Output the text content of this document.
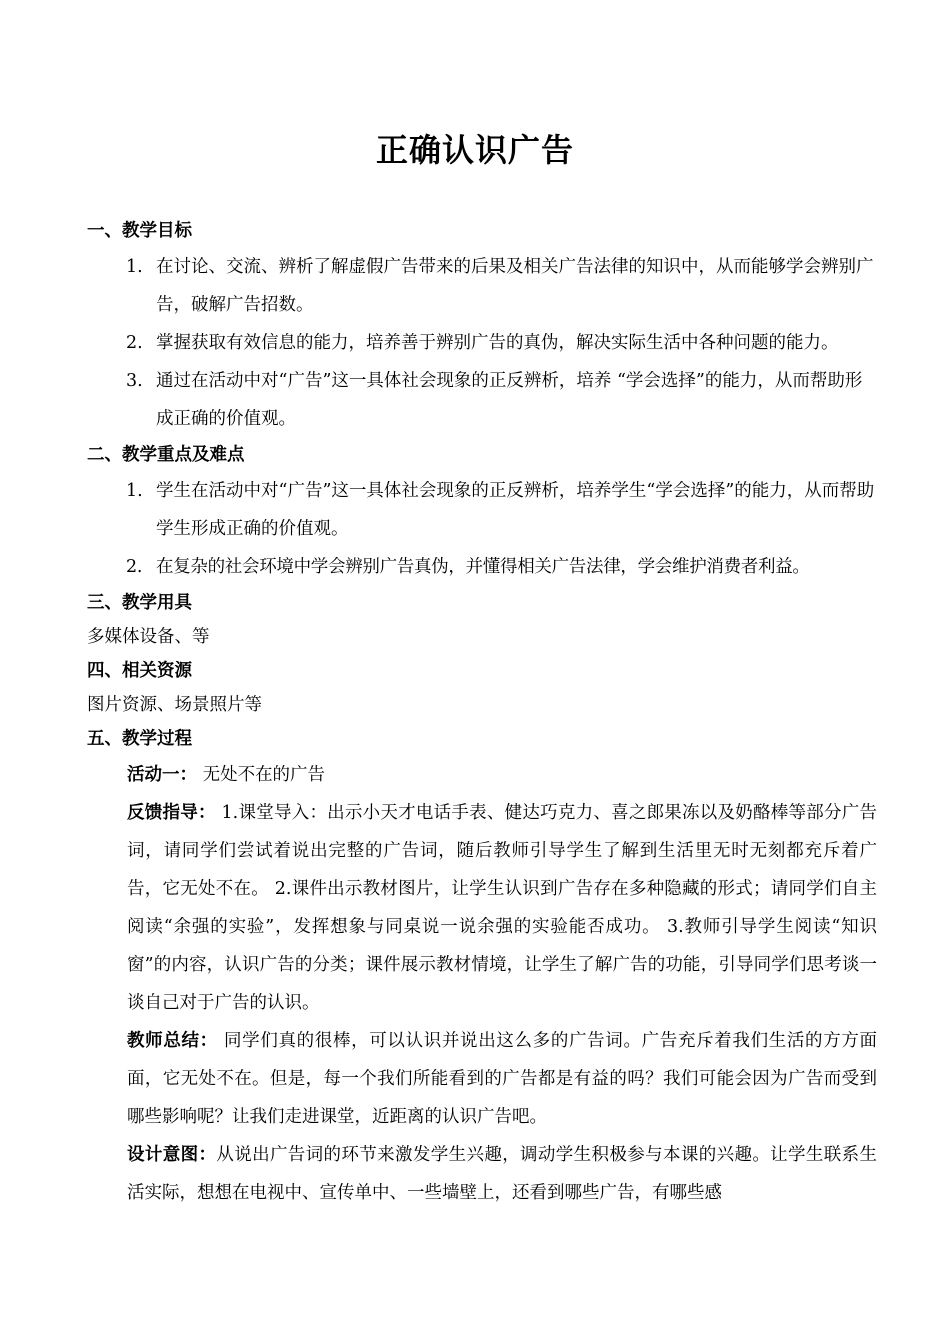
正确认识广告
一、教学目标
1. 在讨论、交流、辨析了解虚假广告带来的后果及相关广告法律的知识中，从而能够学会辨别广告，破解广告招数。
2. 掌握获取有效信息的能力，培养善于辨别广告的真伪，解决实际生活中各种问题的能力。
3. 通过在活动中对“广告”这一具体社会现象的正反辨析，培养 “学会选择”的能力，从而帮助形成正确的价值观。
二、教学重点及难点
1. 学生在活动中对“广告”这一具体社会现象的正反辨析，培养学生“学会选择”的能力，从而帮助学生形成正确的价值观。
2. 在复杂的社会环境中学会辨别广告真伪，并懂得相关广告法律，学会维护消费者利益。
三、教学用具
多媒体设备、等
四、相关资源
图片资源、场景照片等
五、教学过程

活动一： 无处不在的广告

反馈指导： 1.课堂导入：出示小天才电话手表、健达巧克力、喜之郎果冻以及奶酪棒等部分广告词，请同学们尝试着说出完整的广告词，随后教师引导学生了解到生活里无时无刻都充斥着广告，它无处不在。 2.课件出示教材图片，让学生认识到广告存在多种隐藏的形式；请同学们自主阅读“余强的实验”，发挥想象与同桌说一说余强的实验能否成功。 3.教师引导学生阅读“知识窗”的内容，认识广告的分类；课件展示教材情境，让学生了解广告的功能，引导同学们思考谈一谈自己对于广告的认识。

教师总结： 同学们真的很棒，可以认识并说出这么多的广告词。广告充斥着我们生活的方方面面，它无处不在。但是，每一个我们所能看到的广告都是有益的吗？我们可能会因为广告而受到哪些影响呢？让我们走进课堂，近距离的认识广告吧。

设计意图：从说出广告词的环节来激发学生兴趣，调动学生积极参与本课的兴趣。让学生联系生活实际，想想在电视中、宣传单中、一些墙壁上，还看到哪些广告，有哪些感
